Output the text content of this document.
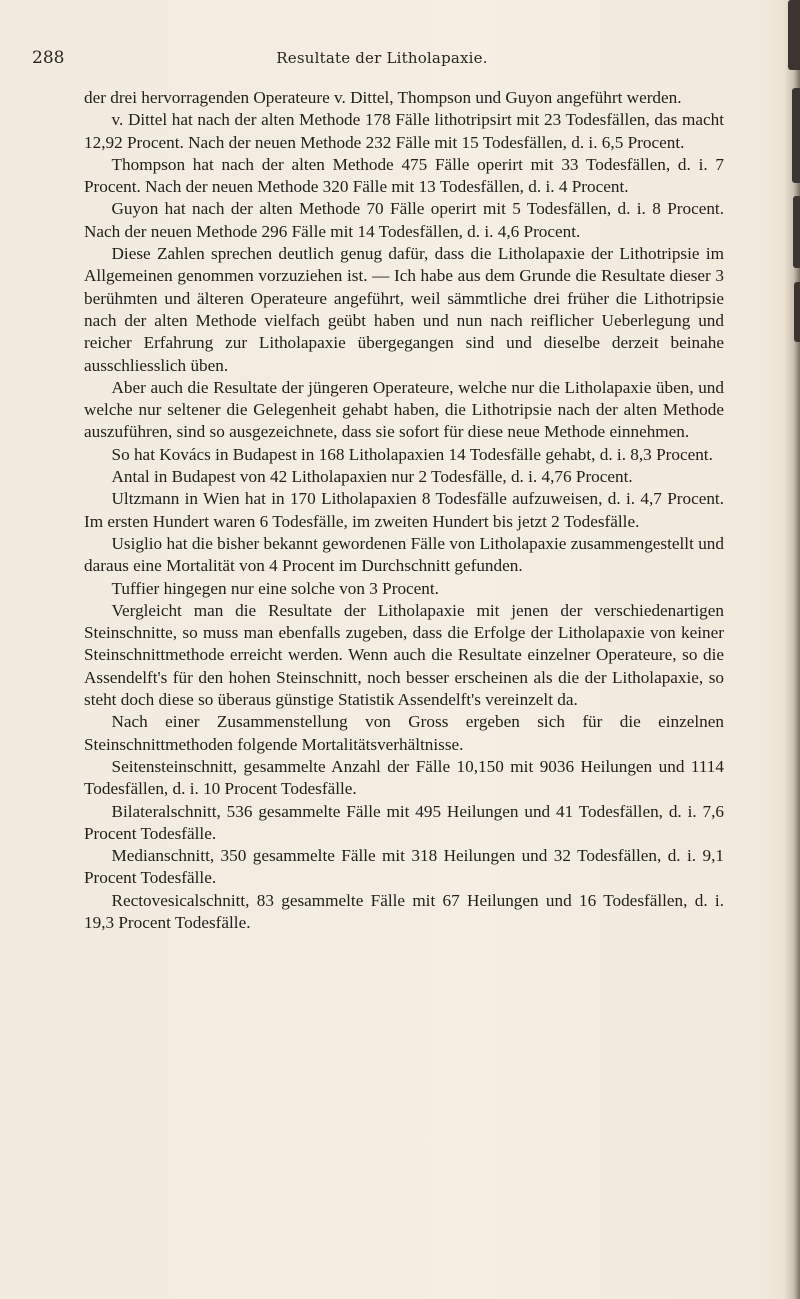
288	Resultate der Litholapaxie.

der drei hervorragenden Operateure v. Dittel, Thompson und Guyon angeführt werden.

v. Dittel hat nach der alten Methode 178 Fälle lithotripsirt mit 23 Todesfällen, das macht 12,92 Procent. Nach der neuen Methode 232 Fälle mit 15 Todesfällen, d. i. 6,5 Procent.

Thompson hat nach der alten Methode 475 Fälle operirt mit 33 Todesfällen, d. i. 7 Procent. Nach der neuen Methode 320 Fälle mit 13 Todesfällen, d. i. 4 Procent.

Guyon hat nach der alten Methode 70 Fälle operirt mit 5 Todesfällen, d. i. 8 Procent. Nach der neuen Methode 296 Fälle mit 14 Todesfällen, d. i. 4,6 Procent.

Diese Zahlen sprechen deutlich genug dafür, dass die Litholapaxie der Lithotripsie im Allgemeinen genommen vorzuziehen ist. — Ich habe aus dem Grunde die Resultate dieser 3 berühmten und älteren Operateure angeführt, weil sämmtliche drei früher die Lithotripsie nach der alten Methode vielfach geübt haben und nun nach reiflicher Ueberlegung und reicher Erfahrung zur Litholapaxie übergegangen sind und dieselbe derzeit beinahe ausschliesslich üben.

Aber auch die Resultate der jüngeren Operateure, welche nur die Litholapaxie üben, und welche nur seltener die Gelegenheit gehabt haben, die Lithotripsie nach der alten Methode auszuführen, sind so ausgezeichnete, dass sie sofort für diese neue Methode einnehmen.

So hat Kovács in Budapest in 168 Litholapaxien 14 Todesfälle gehabt, d. i. 8,3 Procent.

Antal in Budapest von 42 Litholapaxien nur 2 Todesfälle, d. i. 4,76 Procent.

Ultzmann in Wien hat in 170 Litholapaxien 8 Todesfälle aufzuweisen, d. i. 4,7 Procent. Im ersten Hundert waren 6 Todesfälle, im zweiten Hundert bis jetzt 2 Todesfälle.

Usiglio hat die bisher bekannt gewordenen Fälle von Litholapaxie zusammengestellt und daraus eine Mortalität von 4 Procent im Durchschnitt gefunden.

Tuffier hingegen nur eine solche von 3 Procent.

Vergleicht man die Resultate der Litholapaxie mit jenen der verschiedenartigen Steinschnitte, so muss man ebenfalls zugeben, dass die Erfolge der Litholapaxie von keiner Steinschnittmethode erreicht werden. Wenn auch die Resultate einzelner Operateure, so die Assendelft's für den hohen Steinschnitt, noch besser erscheinen als die der Litholapaxie, so steht doch diese so überaus günstige Statistik Assendelft's vereinzelt da.

Nach einer Zusammenstellung von Gross ergeben sich für die einzelnen Steinschnittmethoden folgende Mortalitätsverhältnisse.

Seitensteinschnitt, gesammelte Anzahl der Fälle 10,150 mit 9036 Heilungen und 1114 Todesfällen, d. i. 10 Procent Todesfälle.

Bilateralschnitt, 536 gesammelte Fälle mit 495 Heilungen und 41 Todesfällen, d. i. 7,6 Procent Todesfälle.

Medianschnitt, 350 gesammelte Fälle mit 318 Heilungen und 32 Todesfällen, d. i. 9,1 Procent Todesfälle.

Rectovesicalschnitt, 83 gesammelte Fälle mit 67 Heilungen und 16 Todesfällen, d. i. 19,3 Procent Todesfälle.
